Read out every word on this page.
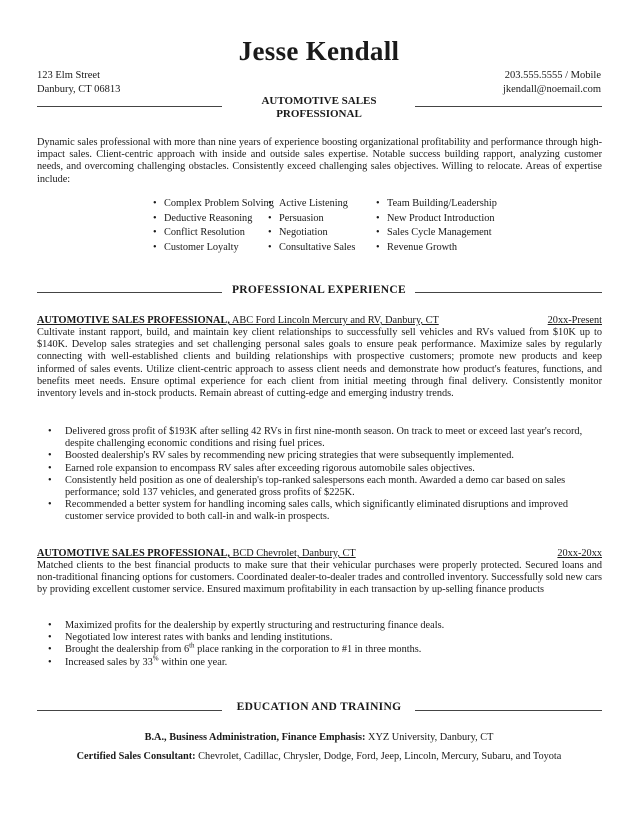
Jesse Kendall
123 Elm Street
Danbury, CT 06813
203.555.5555 / Mobile
jkendall@noemail.com
AUTOMOTIVE SALES
PROFESSIONAL
Dynamic sales professional with more than nine years of experience boosting organizational profitability and performance through high-impact sales. Client-centric approach with inside and outside sales expertise. Notable success building rapport, analyzing customer needs, and overcoming challenging obstacles. Consistently exceed challenging sales objectives. Willing to relocate. Areas of expertise include:
• Complex Problem Solving
• Deductive Reasoning
• Conflict Resolution
• Customer Loyalty
• Active Listening
• Persuasion
• Negotiation
• Consultative Sales
• Team Building/Leadership
• New Product Introduction
• Sales Cycle Management
• Revenue Growth
PROFESSIONAL EXPERIENCE
AUTOMOTIVE SALES PROFESSIONAL, ABC Ford Lincoln Mercury and RV, Danbury, CT	20xx-Present
Cultivate instant rapport, build, and maintain key client relationships to successfully sell vehicles and RVs valued from $10K up to $140K. Develop sales strategies and set challenging personal sales goals to ensure peak performance. Maximize sales by regularly connecting with well-established clients and building relationships with prospective customers; promote new products and keep informed of sales events. Utilize client-centric approach to assess client needs and demonstrate how product's features, functions, and benefits meet needs. Ensure optimal experience for each client from initial meeting through final delivery. Consistently monitor inventory levels and in-stock products. Remain abreast of cutting-edge and emerging industry trends.
• Delivered gross profit of $193K after selling 42 RVs in first nine-month season. On track to meet or exceed last year's record, despite challenging economic conditions and rising fuel prices.
• Boosted dealership's RV sales by recommending new pricing strategies that were subsequently implemented.
• Earned role expansion to encompass RV sales after exceeding rigorous automobile sales objectives.
• Consistently held position as one of dealership's top-ranked salespersons each month. Awarded a demo car based on sales performance; sold 137 vehicles, and generated gross profits of $225K.
• Recommended a better system for handling incoming sales calls, which significantly eliminated disruptions and improved customer service provided to both call-in and walk-in prospects.
AUTOMOTIVE SALES PROFESSIONAL, BCD Chevrolet, Danbury, CT	20xx-20xx
Matched clients to the best financial products to make sure that their vehicular purchases were properly protected. Secured loans and non-traditional financing options for customers. Coordinated dealer-to-dealer trades and controlled inventory. Successfully sold new cars by providing excellent customer service. Ensured maximum profitability in each transaction by up-selling finance products
• Maximized profits for the dealership by expertly structuring and restructuring finance deals.
• Negotiated low interest rates with banks and lending institutions.
• Brought the dealership from 6th place ranking in the corporation to #1 in three months.
• Increased sales by 33% within one year.
EDUCATION AND TRAINING
B.A., Business Administration, Finance Emphasis: XYZ University, Danbury, CT
Certified Sales Consultant: Chevrolet, Cadillac, Chrysler, Dodge, Ford, Jeep, Lincoln, Mercury, Subaru, and Toyota
